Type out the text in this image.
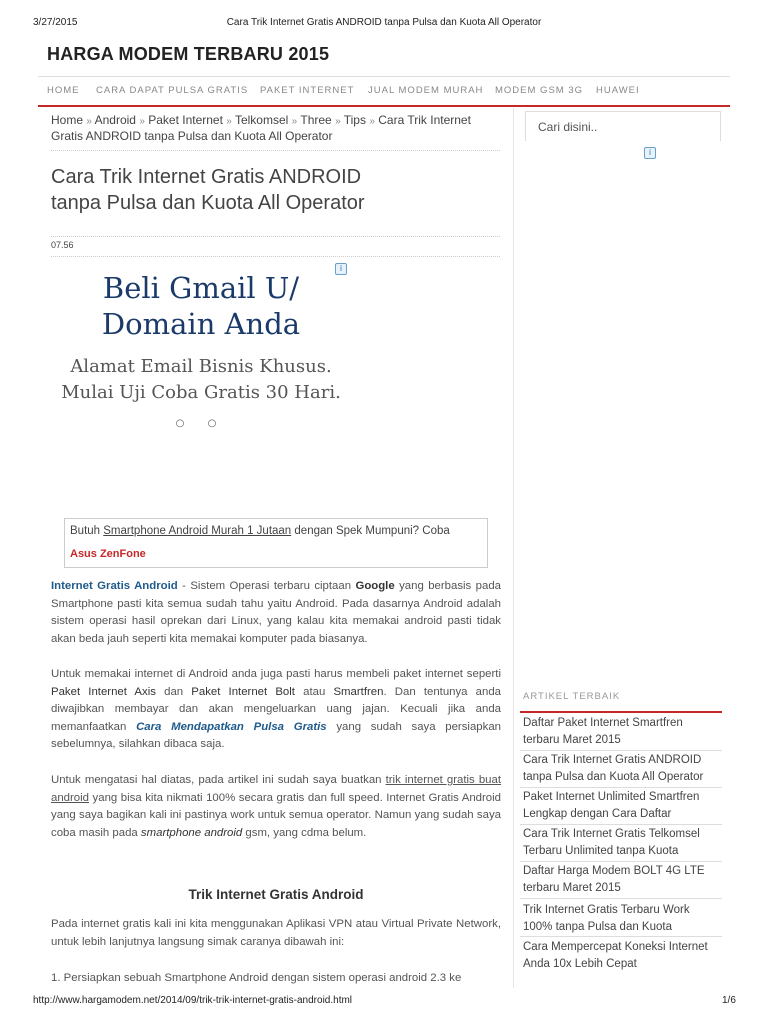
3/27/2015	Cara Trik Internet Gratis ANDROID tanpa Pulsa dan Kuota All Operator
HARGA MODEM TERBARU 2015
HOME CARA DAPAT PULSA GRATIS PAKET INTERNET JUAL MODEM MURAH MODEM GSM 3G HUAWEI
Home » Android » Paket Internet » Telkomsel » Three » Tips » Cara Trik Internet
Gratis ANDROID tanpa Pulsa dan Kuota All Operator
Cara Trik Internet Gratis ANDROID
tanpa Pulsa dan Kuota All Operator
07.56
Beli Gmail U/
Domain Anda
Alamat Email Bisnis Khusus.
Mulai Uji Coba Gratis 30 Hari.
○ ○
i
Butuh Smartphone Android Murah 1 Jutaan dengan Spek Mumpuni? Coba
Asus ZenFone

Internet Gratis Android - Sistem Operasi terbaru ciptaan Google yang berbasis pada Smartphone pasti kita semua sudah tahu yaitu Android. Pada dasarnya Android adalah sistem operasi hasil oprekan dari Linux, yang kalau kita memakai android pasti tidak akan beda jauh seperti kita memakai komputer pada biasanya.

Untuk memakai internet di Android anda juga pasti harus membeli paket internet seperti Paket Internet Axis dan Paket Internet Bolt atau Smartfren. Dan tentunya anda diwajibkan membayar dan akan mengeluarkan uang jajan. Kecuali jika anda memanfaatkan Cara Mendapatkan Pulsa Gratis yang sudah saya persiapkan sebelumnya, silahkan dibaca saja.

Untuk mengatasi hal diatas, pada artikel ini sudah saya buatkan trik internet gratis buat android yang bisa kita nikmati 100% secara gratis dan full speed. Internet Gratis Android yang saya bagikan kali ini pastinya work untuk semua operator. Namun yang sudah saya coba masih pada smartphone android gsm, yang cdma belum.

Trik Internet Gratis Android
Pada internet gratis kali ini kita menggunakan Aplikasi VPN atau Virtual Private Network, untuk lebih lanjutnya langsung simak caranya dibawah ini:
1. Persiapkan sebuah Smartphone Android dengan sistem operasi android 2.3 ke
Cari disini..
i
ARTIKEL TERBAIK
Daftar Paket Internet Smartfren
terbaru Maret 2015
Cara Trik Internet Gratis ANDROID
tanpa Pulsa dan Kuota All Operator
Paket Internet Unlimited Smartfren
Lengkap dengan Cara Daftar
Cara Trik Internet Gratis Telkomsel
Terbaru Unlimited tanpa Kuota
Daftar Harga Modem BOLT 4G LTE
terbaru Maret 2015
Trik Internet Gratis Terbaru Work
100% tanpa Pulsa dan Kuota
Cara Mempercepat Koneksi Internet
Anda 10x Lebih Cepat
http://www.hargamodem.net/2014/09/trik-trik-internet-gratis-android.html	1/6
